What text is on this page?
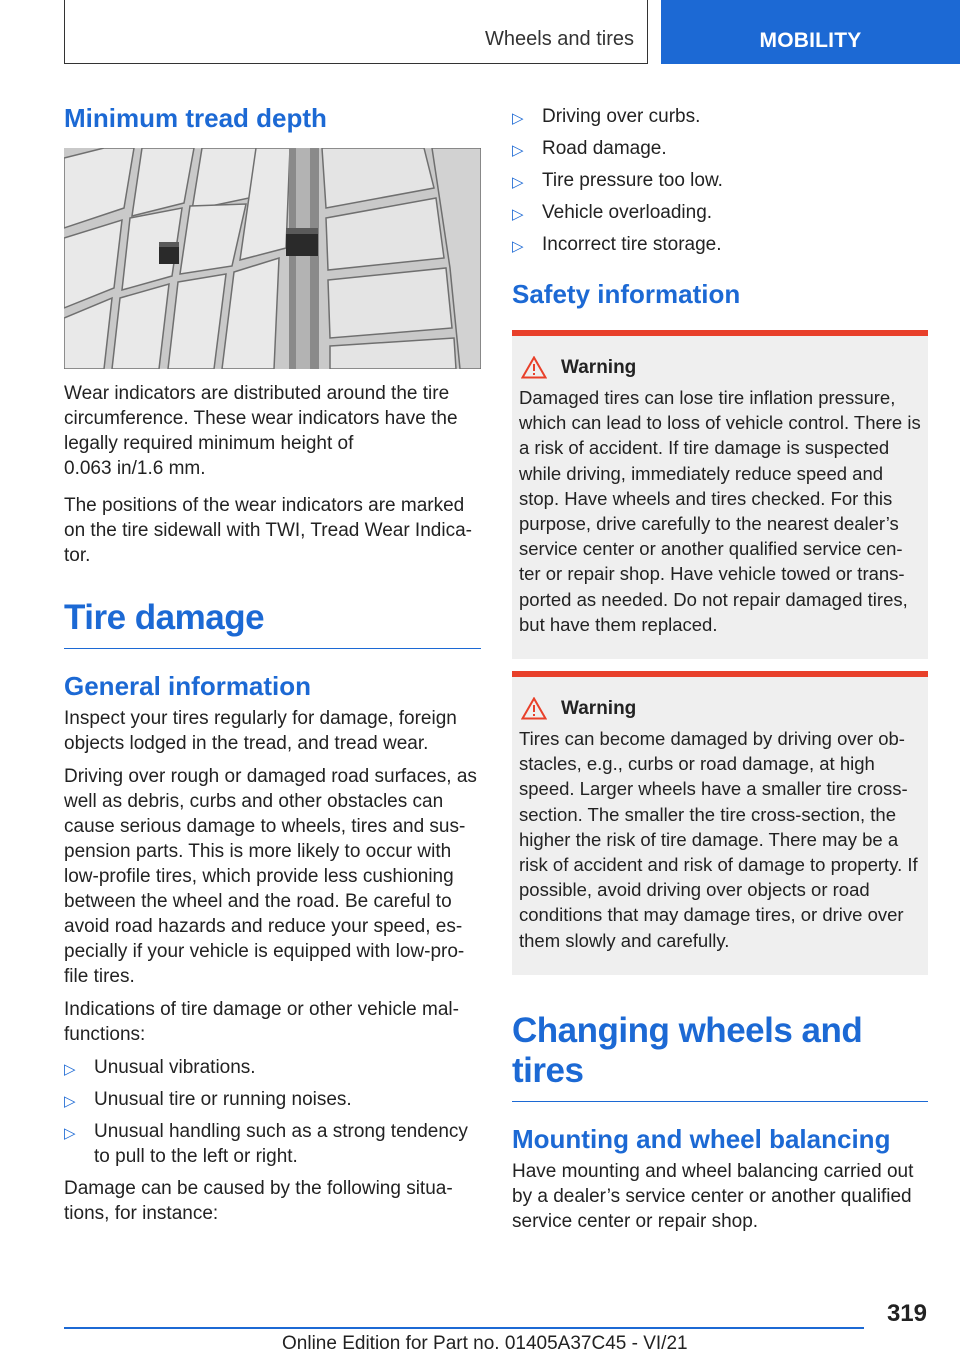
Wheels and tires	MOBILITY
Minimum tread depth

Wear indicators are distributed around the tire circumference. These wear indicators have the legally required minimum height of
0.063 in/1.6 mm.

The positions of the wear indicators are marked on the tire sidewall with TWI, Tread Wear Indica-tor.

Tire damage
General information

Inspect your tires regularly for damage, foreign objects lodged in the tread, and tread wear.

Driving over rough or damaged road surfaces, as well as debris, curbs and other obstacles can cause serious damage to wheels, tires and sus-pension parts. This is more likely to occur with low-profile tires, which provide less cushioning between the wheel and the road. Be careful to avoid road hazards and reduce your speed, es-pecially if your vehicle is equipped with low-pro-file tires.

Indications of tire damage or other vehicle mal-functions:

▷ Unusual vibrations.
▷ Unusual tire or running noises.
▷ Unusual handling such as a strong tendency to pull to the left or right.

Damage can be caused by the following situa-tions, for instance:

▷ Driving over curbs.
▷ Road damage.
▷ Tire pressure too low.
▷ Vehicle overloading.
▷ Incorrect tire storage.
Safety information
Warning

Damaged tires can lose tire inflation pressure, which can lead to loss of vehicle control. There is a risk of accident. If tire damage is suspected while driving, immediately reduce speed and stop. Have wheels and tires checked. For this purpose, drive carefully to the nearest dealer’s service center or another qualified service cen-ter or repair shop. Have vehicle towed or trans-ported as needed. Do not repair damaged tires, but have them replaced.

Warning

Tires can become damaged by driving over ob-stacles, e.g., curbs or road damage, at high speed. Larger wheels have a smaller tire cross-section. The smaller the tire cross-section, the higher the risk of tire damage. There may be a risk of accident and risk of damage to property. If possible, avoid driving over objects or road conditions that may damage tires, or drive over them slowly and carefully.

Changing wheels and tires
Mounting and wheel balancing

Have mounting and wheel balancing carried out by a dealer’s service center or another qualified service center or repair shop.

319
Online Edition for Part no. 01405A37C45 - VI/21
